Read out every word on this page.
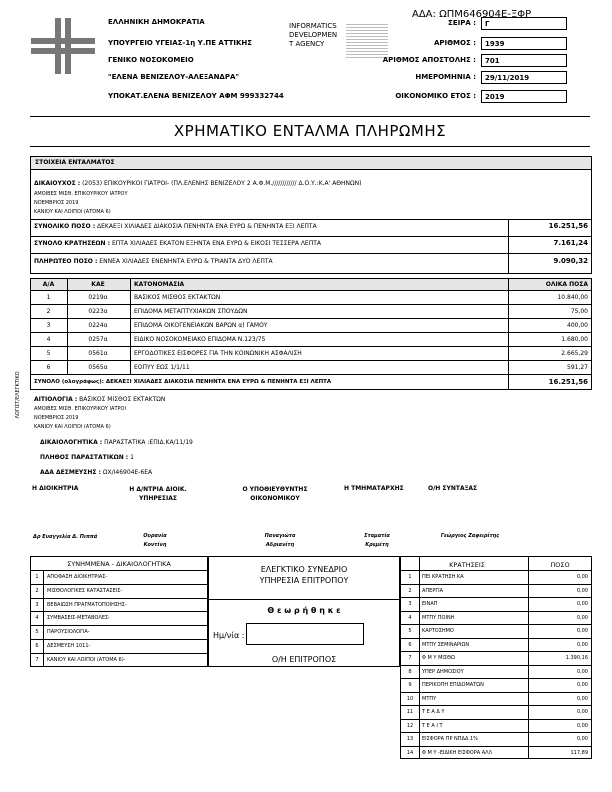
ΑΔΑ: ΩΠΜ646904Ε-ΞΦΡ
ΕΛΛΗΝΙΚΗ ΔΗΜΟΚΡΑΤΙΑ
ΥΠΟΥΡΓΕΙΟ ΥΓΕΙΑΣ-1η Υ.ΠΕ ΑΤΤΙΚΗΣ
ΓΕΝΙΚΟ ΝΟΣΟΚΟΜΕΙΟ
"ΕΛΕΝΑ ΒΕΝΙΖΕΛΟΥ-ΑΛΕΞΑΝΔΡΑ"
ΥΠΟΚΑΤ.ΕΛΕΝΑ ΒΕΝΙΖΕΛΟΥ ΑΦΜ 999332744
INFORMATICS DEVELOPMEN T AGENCY
ΣΕΙΡΑ :	Γ
ΑΡΙΘΜΟΣ :	1939
ΑΡΙΘΜΟΣ ΑΠΟΣΤΟΛΗΣ :	701
ΗΜΕΡΟΜΗΝΙΑ :	29/11/2019
ΟΙΚΟΝΟΜΙΚΟ ΕΤΟΣ :	2019
ΧΡΗΜΑΤΙΚΟ ΕΝΤΑΛΜΑ ΠΛΗΡΩΜΗΣ
ΣΤΟΙΧΕΙΑ ΕΝΤΑΛΜΑΤΟΣ
ΔΙΚΑΙΟΥΧΟΣ : (2053) ΕΠΙΚΟΥΡΙΚΟΙ ΓΙΑΤΡΟΙ- (ΠΛ.ΕΛΕΝΗΣ ΒΕΝΙΖΕΛΟΥ 2 Α.Φ.Μ.//////////// Δ.Ο.Υ.:Κ.Α' ΑΘΗΝΩΝ)
ΑΜΟΙΒΕΣ ΜΙΣΘ. ΕΠΙΚΟΥΡΙΚΟΥ ΙΑΤΡΟΥ
ΝΟΕΜΒΡΙΟΣ 2019
ΚΑΝΙΟΥ ΚΑΙ ΛΟΙΠΟΙ (ΑΤΟΜΑ 6)
ΣΥΝΟΛΙΚΟ ΠΟΣΟ : ΔΕΚΑΕΞΙ ΧΙΛΙΑΔΕΣ ΔΙΑΚΟΣΙΑ ΠΕΝΗΝΤΑ ΕΝΑ ΕΥΡΩ & ΠΕΝΗΝΤΑ ΕΞΙ ΛΕΠΤΑ	16.251,56
ΣΥΝΟΛΟ ΚΡΑΤΗΣΕΩΝ : ΕΠΤΑ ΧΙΛΙΑΔΕΣ ΕΚΑΤΟΝ ΕΞΗΝΤΑ ΕΝΑ ΕΥΡΩ & ΕΙΚΟΣΙ ΤΕΣΣΕΡΑ ΛΕΠΤΑ	7.161,24
ΠΛΗΡΩΤΕΟ ΠΟΣΟ : ΕΝΝΕΑ ΧΙΛΙΑΔΕΣ ΕΝΕΝΗΝΤΑ ΕΥΡΩ & ΤΡΙΑΝΤΑ ΔΥΟ ΛΕΠΤΑ	9.090,32
Α/Α	ΚΑΕ	ΚΑΤΟΝΟΜΑΣΙΑ	ΟΛΙΚΑ ΠΟΣΑ
1	0219α	ΒΑΣΙΚΟΣ ΜΙΣΘΟΣ ΕΚΤΑΚΤΩΝ	10.840,00
2	0223α	ΕΠΙΔΟΜΑ ΜΕΤΑΠΤΥΧΙΑΚΩΝ ΣΠΟΥΔΩΝ	75,00
3	0224α	ΕΠΙΔΟΜΑ ΟΙΚΟΓΕΝΕΙΑΚΩΝ ΒΑΡΩΝ α) ΓΑΜΟΥ	400,00
4	0257α	ΕΙΔΙΚΟ ΝΟΣΟΚΟΜΕΙΑΚΟ ΕΠΙΔΟΜΑ Ν.123/75	1.680,00
5	0561α	ΕΡΓΟΔΟΤΙΚΕΣ ΕΙΣΦΟΡΕΣ ΓΙΑ ΤΗΝ ΚΟΙΝΩΝΙΚΗ ΑΣΦΑΛΙΣΗ	2.665,29
6	0565α	ΕΟΠΥΥ ΕΩΣ 1/1/11	591,27
ΣΥΝΟΛΟ (ολογράφως): ΔΕΚΑΕΞΙ ΧΙΛΙΑΔΕΣ ΔΙΑΚΟΣΙΑ ΠΕΝΗΝΤΑ ΕΝΑ ΕΥΡΩ & ΠΕΝΗΝΤΑ ΕΞΙ ΛΕΠΤΑ	16.251,56
ΛΟΓΙΣΤ/ΕΛΕΓΚΤΙΚΟ ΑΙΤΙΟΛΟΓΙΑ : ΒΑΣΙΚΟΣ ΜΙΣΘΟΣ ΕΚΤΑΚΤΩΝ
ΑΜΟΙΒΕΣ ΜΙΣΘ. ΕΠΙΚΟΥΡΙΚΟΥ ΙΑΤΡΟΙ
ΝΟΕΜΒΡΙΟΣ 2019
ΚΑΝΙΟΥ ΚΑΙ ΛΟΙΠΟΙ (ΑΤΟΜΑ 6)
ΔΙΚΑΙΟΛΟΓΗΤΙΚΑ : ΠΑΡΑΣΤΑΤΙΚΑ :ΕΠΙΔ.ΚΑ/11/19
ΠΛΗΘΟΣ ΠΑΡΑΣΤΑΤΙΚΩΝ : 1
ΑΔΑ ΔΕΣΜΕΥΣΗΣ : ΩΧ/Ι46904Ε-6ΕΑ
Η ΔΙΟΙΚΗΤΡΙΑ	Η Δ/ΝΤΡΙΑ ΔΙΟΙΚ. ΥΠΗΡΕΣΙΑΣ
Ο ΥΠΟΘΙΕΥΘΥΝΤΗΣ ΟΙΚΟΝΟΜΙΚΟΥ
Η ΤΜΗΜΑΤΑΡΧΗΣ	Ο/Η ΣΥΝΤΑΞΑΣ
Δρ Ευαγγελία Δ. Πιππά	Ουρανία Κοντίνη
Παναγιώτα Αδριανίτη
Σταματία Κρεμέτη
Γεώργιος Ζαφειρίτης
ΣΥΝΗΜΜΕΝΑ - ΔΙΚΑΙΟΛΟΓΗΤΙΚΑ
1	ΑΠΟΦΑΣΗ ΔΙΟΙΚΗΤΡΙΑΣ-
2	ΜΙΣΘΟΛΟΓΙΚΕΣ ΚΑΤΑΣΤΑΣΕΙΣ-
3	ΒΕΒΑΙΩΣΗ ΠΡΑΓΜΑΤΟΠΟΙΗΣΗΣ-
4	ΣΥΜΒΑΣΕΙΣ-ΜΕΤΑΒΟΛΕΣ-
5	ΠΑΡΟΥΣΙΟΛΟΓΙΑ-
6	ΔΕΣΜΕΥΣΗ 1011-
7	ΚΑΝΙΟΥ ΚΑΙ ΛΟΙΠΟΙ (ΑΤΟΜΑ 6)-
ΕΛΕΓΚΤΙΚΟ ΣΥΝΕΔΡΙΟ
ΥΠΗΡΕΣΙΑ ΕΠΙΤΡΟΠΟΥ
Θ ε ω ρ ή θ η κ ε
Ημ/νία :
Ο/Η ΕΠΙΤΡΟΠΟΣ
ΚΡΑΤΗΣΕΙΣ	ΠΟΣΟ
1	ΠΕΙ ΚΡΑΤΗΣΗ ΚΑ	0,00
2	ΑΠΕΡΓΙΑ	0,00
3	ΕΙΝΑΠ	0,00
4	ΜΤΠΥ ΠΟΙΝΗ	0,00
5	ΚΑΡΤΟΣΗΜΟ	0,00
6	ΜΤΠΥ ΣΕΜΙΝΑΡΙΩΝ	0,00
7	Φ Μ Υ ΜΙΣΘΩ	1.390,16
8	ΥΠΕΡ ΔΗΜΟΣΙΟΥ	0,00
9	ΠΕΡΙΚΟΠΗ ΕΠΙΔΟΜΑΤΩΝ	0,00
10	ΜΤΠΥ	0,00
11	Τ Ε Α Δ Υ	0,00
12	Τ Ε Α Ι Τ	0,00
13	ΕΙΣΦΟΡΑ ΠΡ ΝΠΔΔ 1%	0,00
14	Φ Μ Υ -ΕΙΔΙΚΗ ΕΙΣΦΟΡΑ ΑΛΛ	117,89
